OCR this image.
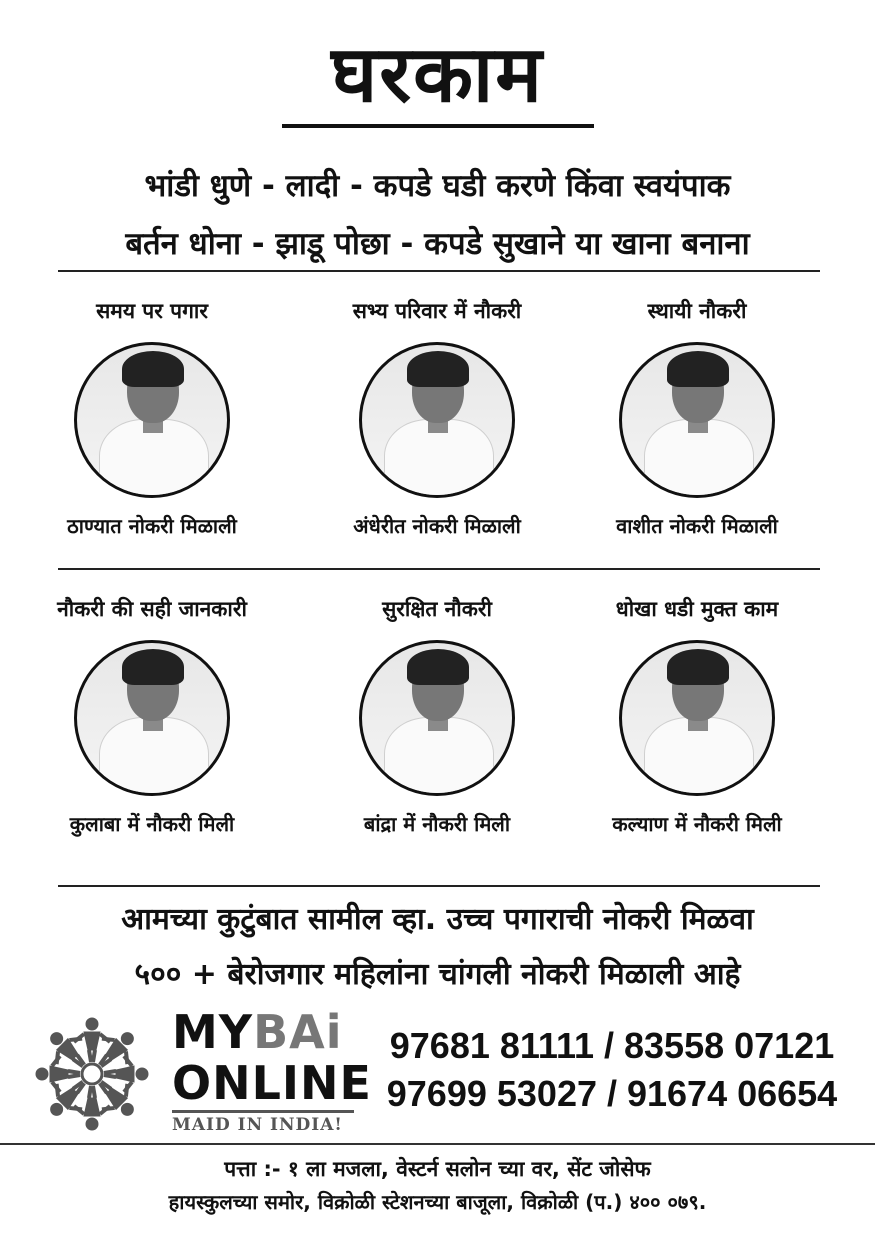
घरकाम
भांडी धुणे - लादी - कपडे घडी करणे किंवा स्वयंपाक
बर्तन धोना - झाडू पोछा - कपडे सुखाने या खाना बनाना
समय पर पगार
ठाण्यात नोकरी मिळाली
सभ्य परिवार में नौकरी
अंधेरीत नोकरी मिळाली
स्थायी नौकरी
वाशीत नोकरी मिळाली
नौकरी की सही जानकारी
कुलाबा में नौकरी मिली
सुरक्षित नौकरी
बांद्रा में नौकरी मिली
धोखा धडी मुक्त काम
कल्याण में नौकरी मिली
आमच्या कुटुंबात सामील व्हा. उच्च पगाराची नोकरी मिळवा
५०० + बेरोजगार महिलांना चांगली नोकरी मिळाली आहे
MYBAi
ONLINE
MAID IN INDIA!
97681 81111 / 83558 07121
97699 53027 / 91674 06654
पत्ता :- १ ला मजला, वेस्टर्न सलोन च्या वर, सेंट जोसेफ
हायस्कुलच्या समोर, विक्रोळी स्टेशनच्या बाजूला, विक्रोळी (प.) ४०० ०७९.
